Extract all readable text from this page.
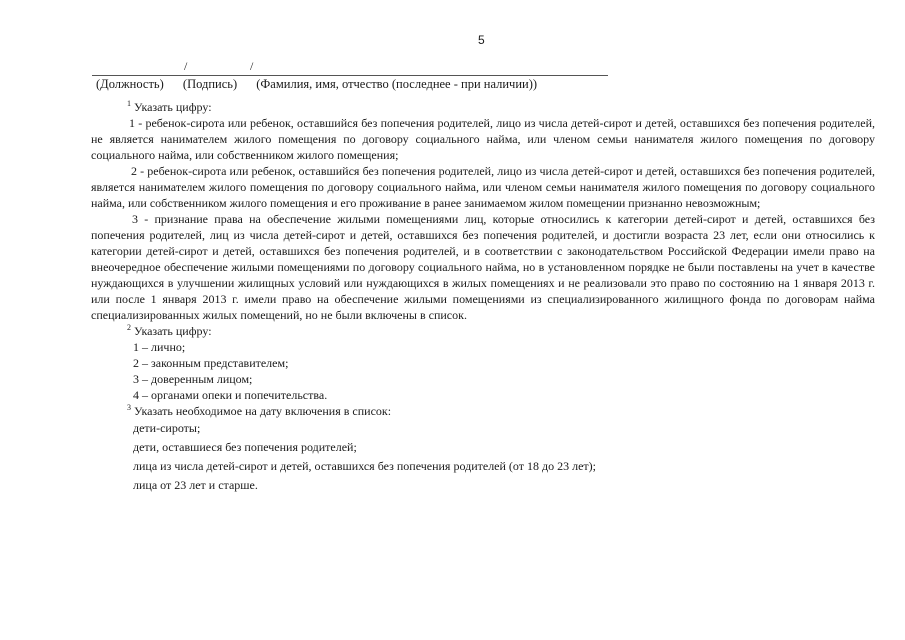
5
/	/
(Должность) (Подпись) (Фамилия, имя, отчество (последнее - при наличии))

$^1$ Указать цифру:

1 - ребенок-сирота или ребенок, оставшийся без попечения родителей, лицо из числа детей-сирот и детей, оставшихся без попечения родителей, не является нанимателем жилого помещения по договору социального найма, или членом семьи нанимателя жилого помещения по договору социального найма, или собственником жилого помещения;

2 - ребенок-сирота или ребенок, оставшийся без попечения родителей, лицо из числа детей-сирот и детей, оставшихся без попечения родителей, является нанимателем жилого помещения по договору социального найма, или членом семьи нанимателя жилого помещения по договору социального найма, или собственником жилого помещения и его проживание в ранее занимаемом жилом помещении признанно невозможным;

3 - признание права на обеспечение жилыми помещениями лиц, которые относились к категории детей-сирот и детей, оставшихся без попечения родителей, лиц из числа детей-сирот и детей, оставшихся без попечения родителей, и достигли возраста 23 лет, если они относились к категории детей-сирот и детей, оставшихся без попечения родителей, и в соответствии с законодательством Российской Федерации имели право на внеочередное обеспечение жилыми помещениями по договору социального найма, но в установленном порядке не были поставлены на учет в качестве нуждающихся в улучшении жилищных условий или нуждающихся в жилых помещениях и не реализовали это право по состоянию на 1 января 2013 г. или после 1 января 2013 г. имели право на обеспечение жилыми помещениями из специализированного жилищного фонда по договорам найма специализированных жилых помещений, но не были включены в список.

$^2$ Указать цифру:

1 – лично;

2 – законным представителем;

3 – доверенным лицом;

4 – органами опеки и попечительства.

$^3$ Указать необходимое на дату включения в список:

дети-сироты;

дети, оставшиеся без попечения родителей;

лица из числа детей-сирот и детей, оставшихся без попечения родителей (от 18 до 23 лет);

лица от 23 лет и старше.
